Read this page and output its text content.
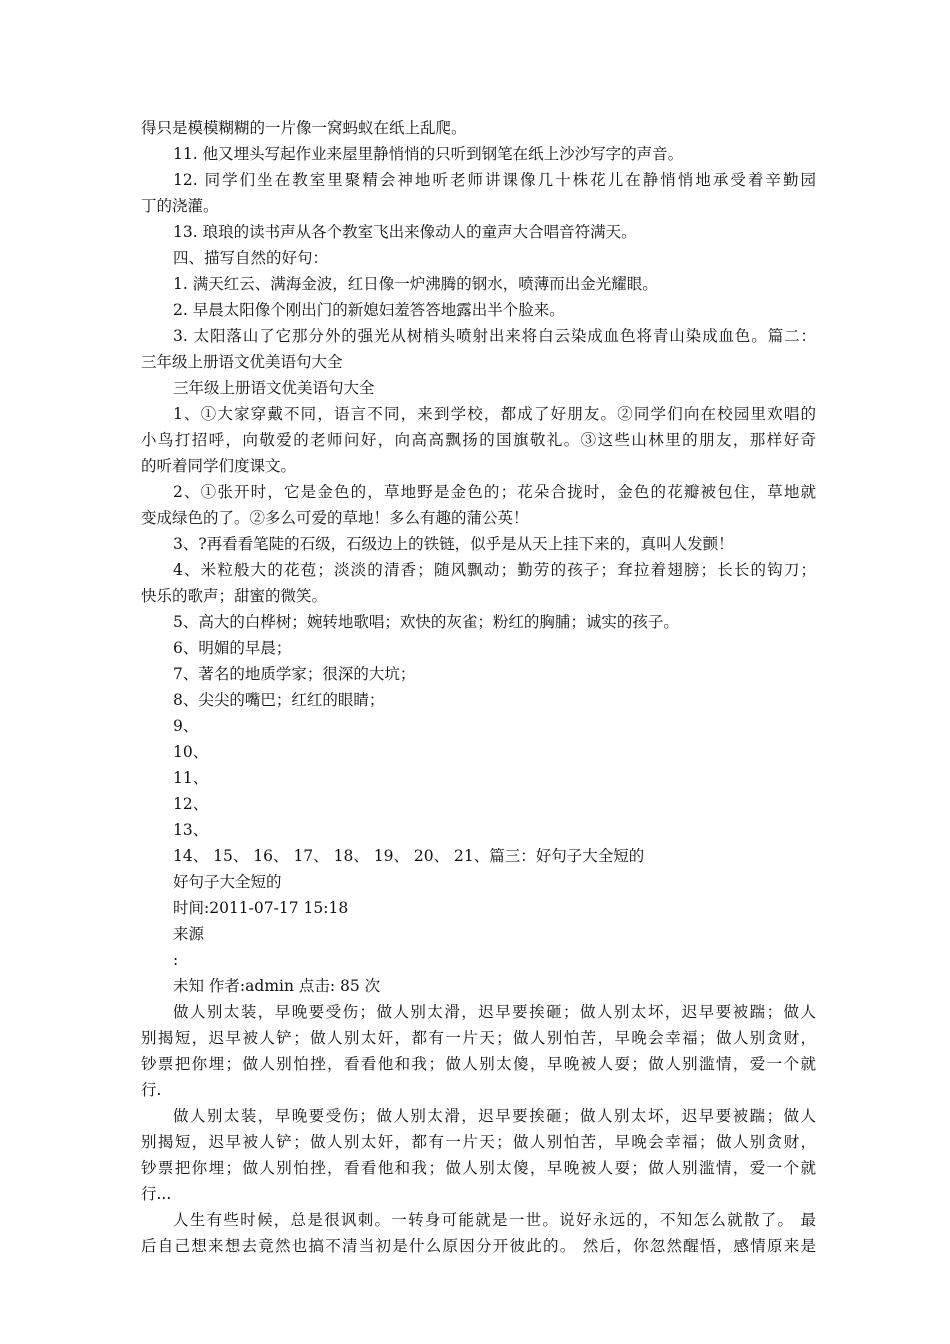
得只是模模糊糊的一片像一窝蚂蚁在纸上乱爬。
11. 他又埋头写起作业来屋里静悄悄的只听到钢笔在纸上沙沙写字的声音。
12. 同学们坐在教室里聚精会神地听老师讲课像几十株花儿在静悄悄地承受着辛勤园
丁的浇灌。
13. 琅琅的读书声从各个教室飞出来像动人的童声大合唱音符满天。
四、描写自然的好句：
1. 满天红云、满海金波，红日像一炉沸腾的钢水，喷薄而出金光耀眼。
2. 早晨太阳像个刚出门的新媳妇羞答答地露出半个脸来。
3. 太阳落山了它那分外的强光从树梢头喷射出来将白云染成血色将青山染成血色。篇二：
三年级上册语文优美语句大全
三年级上册语文优美语句大全
1、①大家穿戴不同，语言不同，来到学校，都成了好朋友。②同学们向在校园里欢唱的
小鸟打招呼，向敬爱的老师问好，向高高飘扬的国旗敬礼。③这些山林里的朋友，那样好奇
的听着同学们度课文。
2、①张开时，它是金色的，草地野是金色的；花朵合拢时，金色的花瓣被包住，草地就
变成绿色的了。②多么可爱的草地！多么有趣的蒲公英！
3、?再看看笔陡的石级，石级边上的铁链，似乎是从天上挂下来的，真叫人发颤！
4、米粒般大的花苞；淡淡的清香；随风飘动；勤劳的孩子；耷拉着翅膀；长长的钩刀；
快乐的歌声；甜蜜的微笑。
5、高大的白桦树；婉转地歌唱；欢快的灰雀；粉红的胸脯；诚实的孩子。
6、明媚的早晨；
7、著名的地质学家；很深的大坑；
8、尖尖的嘴巴；红红的眼睛；
9、
10、
11、
12、
13、
14、 15、 16、 17、 18、 19、 20、 21、篇三：好句子大全短的
好句子大全短的
时间:2011-07-17 15:18
来源
:
未知 作者:admin 点击: 85 次
做人别太装，早晚要受伤；做人别太滑，迟早要挨砸；做人别太坏，迟早要被踹；做人
别揭短，迟早被人铲；做人别太奸，都有一片天；做人别怕苦，早晚会幸福；做人别贪财，
钞票把你埋；做人别怕挫，看看他和我；做人别太傻，早晚被人耍；做人别滥情，爱一个就
行.
做人别太装，早晚要受伤；做人别太滑，迟早要挨砸；做人别太坏，迟早要被踹；做人
别揭短，迟早被人铲；做人别太奸，都有一片天；做人别怕苦，早晚会幸福；做人别贪财，
钞票把你埋；做人别怕挫，看看他和我；做人别太傻，早晚被人耍；做人别滥情，爱一个就
行...
人生有些时候，总是很讽刺。一转身可能就是一世。说好永远的，不知怎么就散了。 最
后自己想来想去竟然也搞不清当初是什么原因分开彼此的。 然后，你忽然醒悟，感情原来是
